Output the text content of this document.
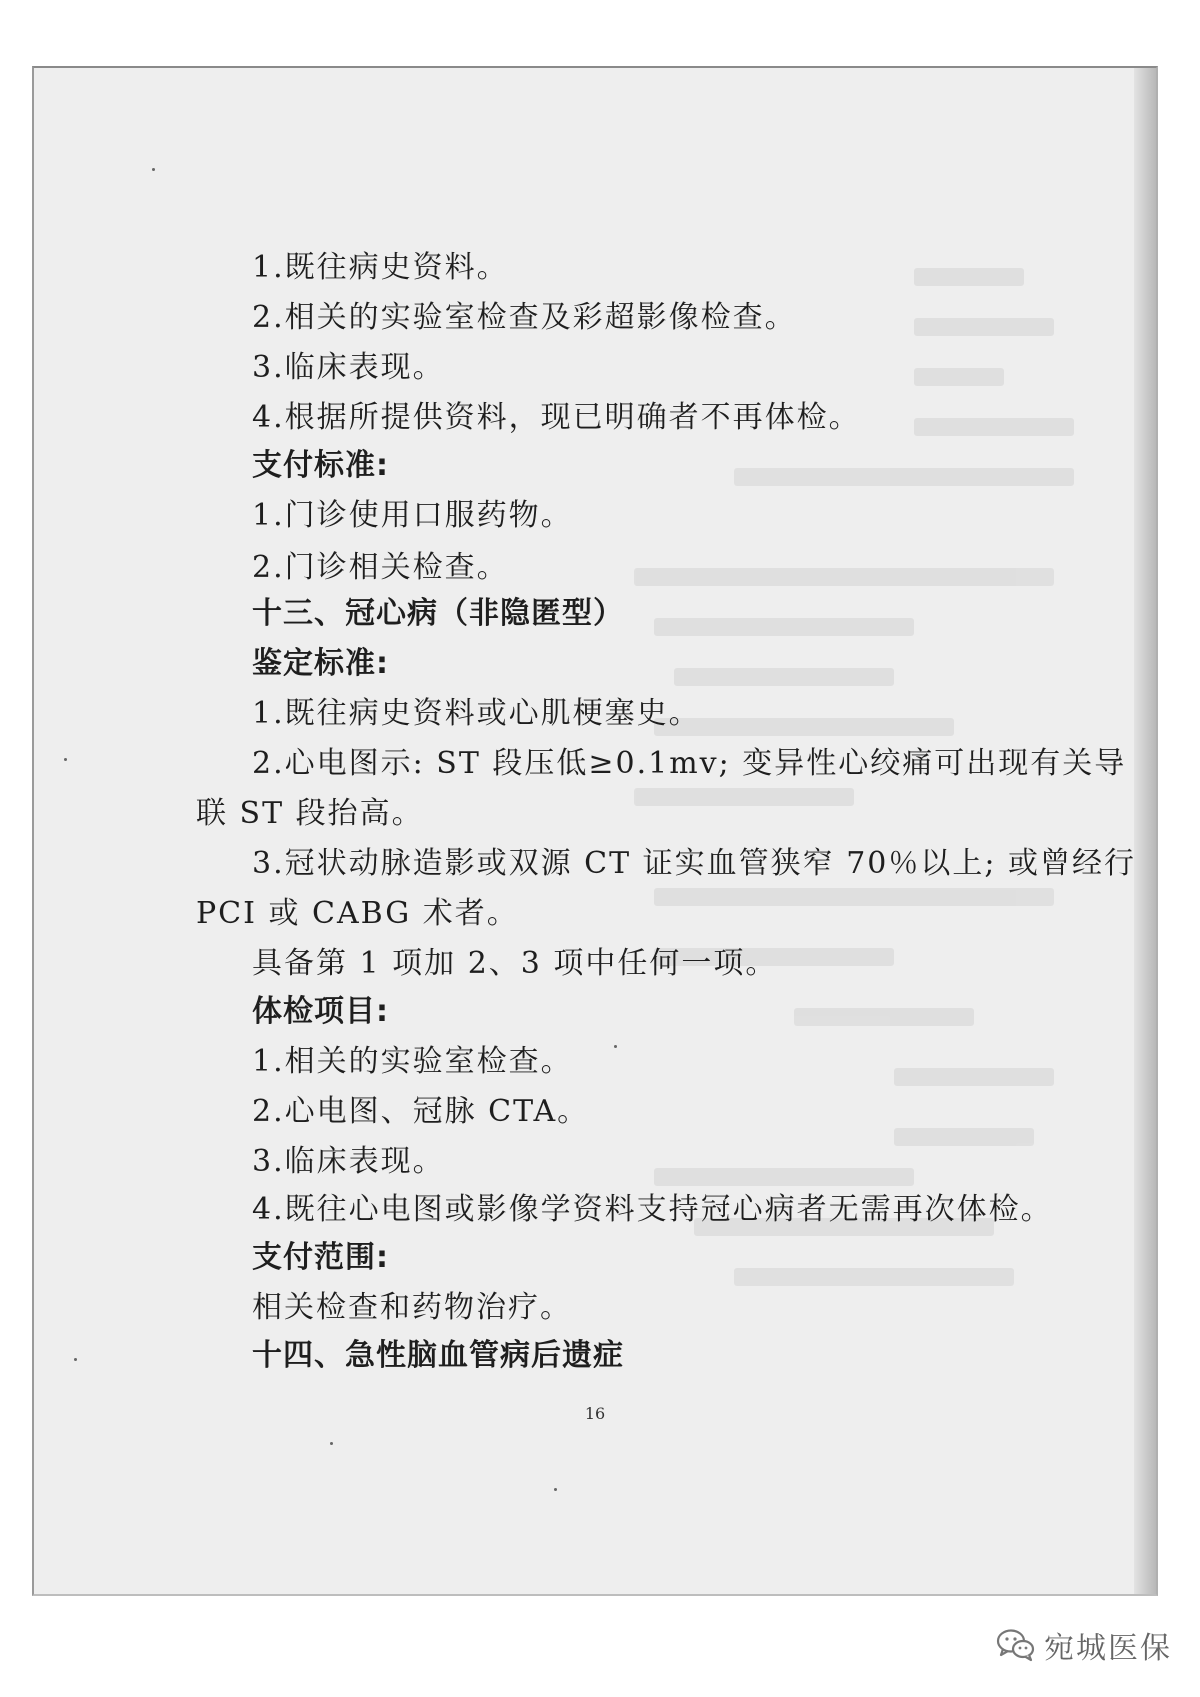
1.既往病史资料。
2.相关的实验室检查及彩超影像检查。
3.临床表现。
4.根据所提供资料，现已明确者不再体检。
支付标准:
1.门诊使用口服药物。
2.门诊相关检查。
十三、冠心病（非隐匿型）
鉴定标准:
1.既往病史资料或心肌梗塞史。
2.心电图示: ST 段压低≥0.1mv; 变异性心绞痛可出现有关导
联 ST 段抬高。
3.冠状动脉造影或双源 CT 证实血管狭窄 70％以上; 或曾经行
PCI 或 CABG 术者。
具备第 1 项加 2、3 项中任何一项。
体检项目:
1.相关的实验室检查。
2.心电图、冠脉 CTA。
3.临床表现。
4.既往心电图或影像学资料支持冠心病者无需再次体检。
支付范围:
相关检查和药物治疗。
十四、急性脑血管病后遗症
16
宛城医保
